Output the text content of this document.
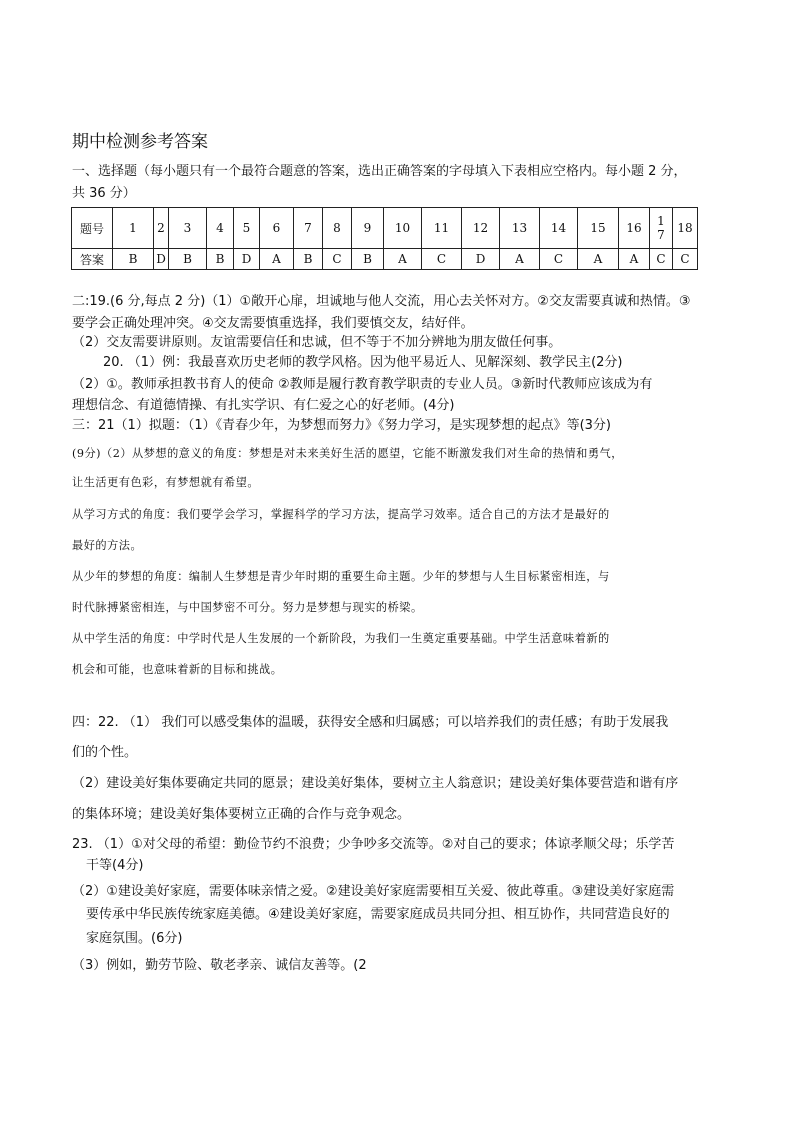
期中检测参考答案
一、选择题（每小题只有一个最符合题意的答案，选出正确答案的字母填入下表相应空格内。每小题 2 分，
共 36 分）
题号	1	2	3	4	5	6	7	8	9	10	11	12	13	14	15	16	17	18
答案	B	D	B	B	D	A	B	C	B	A	C	D	A	C	A	A	C	C
二:19.(6 分,每点 2 分)（1）①敞开心扉，坦诚地与他人交流，用心去关怀对方。②交友需要真诚和热情。③
要学会正确处理冲突。④交友需要慎重选择，我们要慎交友，结好伴。
（2）交友需要讲原则。友谊需要信任和忠诚，但不等于不加分辨地为朋友做任何事。
20. （1）例：我最喜欢历史老师的教学风格。因为他平易近人、见解深刻、教学民主(2分)
（2）①。教师承担教书育人的使命 ②教师是履行教育教学职责的专业人员。③新时代教师应该成为有
理想信念、有道德情操、有扎实学识、有仁爱之心的好老师。(4分)
三：21（1）拟题：（1）《青春少年，为梦想而努力》《努力学习，是实现梦想的起点》等(3分)
(9分)（2）从梦想的意义的角度：梦想是对未来美好生活的愿望，它能不断激发我们对生命的热情和勇气，
让生活更有色彩，有梦想就有希望。
从学习方式的角度：我们要学会学习，掌握科学的学习方法，提高学习效率。适合自己的方法才是最好的
最好的方法。
从少年的梦想的角度：编制人生梦想是青少年时期的重要生命主题。少年的梦想与人生目标紧密相连，与
时代脉搏紧密相连，与中国梦密不可分。努力是梦想与现实的桥梁。
从中学生活的角度：中学时代是人生发展的一个新阶段，为我们一生奠定重要基础。中学生活意味着新的
机会和可能，也意味着新的目标和挑战。
四：22. （1） 我们可以感受集体的温暖，获得安全感和归属感；可以培养我们的责任感；有助于发展我
们的个性。
（2）建设美好集体要确定共同的愿景；建设美好集体，要树立主人翁意识；建设美好集体要营造和谐有序
的集体环境；建设美好集体要树立正确的合作与竞争观念。
23. （1）①对父母的希望：勤俭节约不浪费；少争吵多交流等。②对自己的要求；体谅孝顺父母；乐学苦
干等(4分)
（2）①建设美好家庭，需要体味亲情之爱。②建设美好家庭需要相互关爱、彼此尊重。③建设美好家庭需
要传承中华民族传统家庭美德。④建设美好家庭，需要家庭成员共同分担、相互协作，共同营造良好的
家庭氛围。(6分)
（3）例如，勤劳节险、敬老孝亲、诚信友善等。(2
